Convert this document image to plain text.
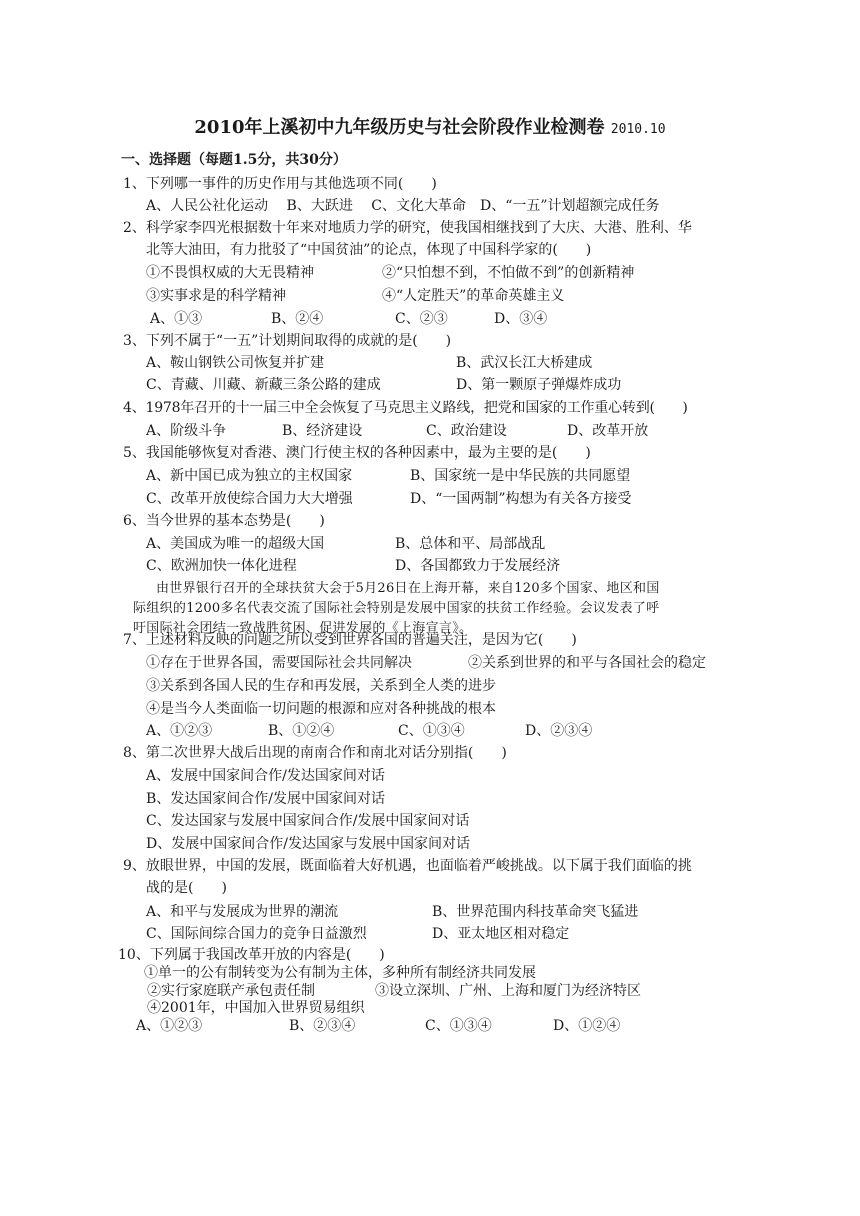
2010年上溪初中九年级历史与社会阶段作业检测卷 2010.10
一、选择题（每题1.5分，共30分）
1、下列哪一事件的历史作用与其他选项不同(　　)
A、人民公社化运动　 B、大跃进　 C、文化大革命　D、“一五”计划超额完成任务
2、科学家李四光根据数十年来对地质力学的研究，使我国相继找到了大庆、大港、胜利、华
北等大油田，有力批驳了“中国贫油”的论点，体现了中国科学家的(　　)
①不畏惧权威的大无畏精神	②“只怕想不到，不怕做不到”的创新精神
③实事求是的科学精神	④“人定胜天”的革命英雄主义
A、①③	B、②④	C、②③	D、③④
3、下列不属于“一五”计划期间取得的成就的是(　　)
A、鞍山钢铁公司恢复并扩建	B、武汉长江大桥建成
C、青藏、川藏、新藏三条公路的建成	D、第一颗原子弹爆炸成功
4、1978年召开的十一届三中全会恢复了马克思主义路线，把党和国家的工作重心转到(　　)
A、阶级斗争	B、经济建设	C、政治建设	D、改革开放
5、我国能够恢复对香港、澳门行使主权的各种因素中，最为主要的是(　　)
A、新中国已成为独立的主权国家	B、国家统一是中华民族的共同愿望
C、改革开放使综合国力大大增强	D、“一国两制”构想为有关各方接受
6、当今世界的基本态势是(　　)
A、美国成为唯一的超级大国	B、总体和平、局部战乱
C、欧洲加快一体化进程	D、各国都致力于发展经济
由世界银行召开的全球扶贫大会于5月26日在上海开幕，来自120多个国家、地区和国
际组织的1200多名代表交流了国际社会特别是发展中国家的扶贫工作经验。会议发表了呼
吁国际社会团结一致战胜贫困、促进发展的《上海宣言》。
7、上述材料反映的问题之所以受到世界各国的普遍关注，是因为它(　　)
①存在于世界各国，需要国际社会共同解决	②关系到世界的和平与各国社会的稳定
③关系到各国人民的生存和再发展，关系到全人类的进步
④是当今人类面临一切问题的根源和应对各种挑战的根本
A、①②③	B、①②④	C、①③④	D、②③④
8、第二次世界大战后出现的南南合作和南北对话分别指(　　)
A、发展中国家间合作/发达国家间对话
B、发达国家间合作/发展中国家间对话
C、发达国家与发展中国家间合作/发展中国家间对话
D、发展中国家间合作/发达国家与发展中国家间对话
9、放眼世界，中国的发展，既面临着大好机遇，也面临着严峻挑战。以下属于我们面临的挑
战的是(　　)
A、和平与发展成为世界的潮流	B、世界范围内科技革命突飞猛进
C、国际间综合国力的竞争日益激烈	D、亚太地区相对稳定
10、下列属于我国改革开放的内容是(　　)
①单一的公有制转变为公有制为主体，多种所有制经济共同发展
②实行家庭联产承包责任制	③设立深圳、广州、上海和厦门为经济特区
④2001年，中国加入世界贸易组织
A、①②③	B、②③④	C、①③④	D、①②④
